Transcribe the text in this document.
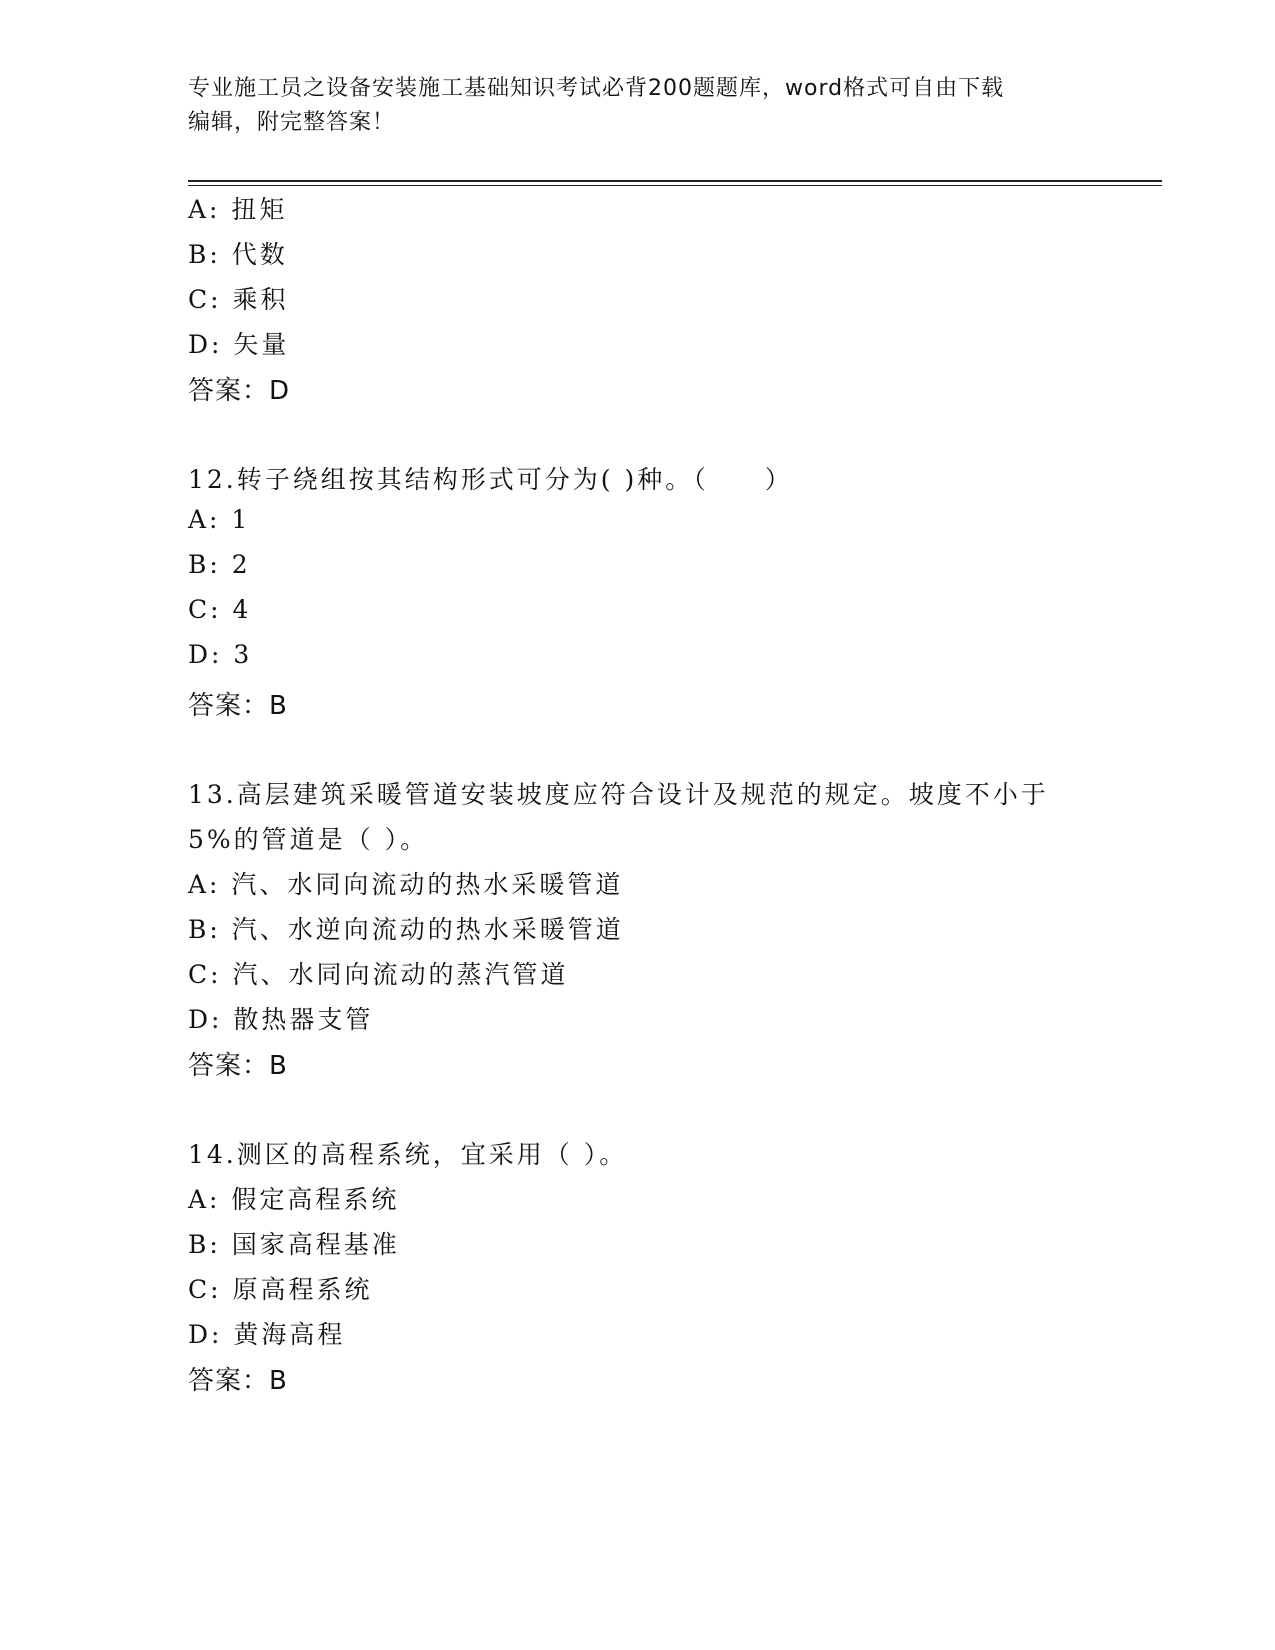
专业施工员之设备安装施工基础知识考试必背200题题库，word格式可自由下载
编辑，附完整答案！
A: 扭矩
B: 代数
C: 乘积
D: 矢量
答案：D
12.转子绕组按其结构形式可分为( )种。（　　）
A: 1
B: 2
C: 4
D: 3
答案：B
13.高层建筑采暖管道安装坡度应符合设计及规范的规定。坡度不小于
5%的管道是（ ）。
A: 汽、水同向流动的热水采暖管道
B: 汽、水逆向流动的热水采暖管道
C: 汽、水同向流动的蒸汽管道
D: 散热器支管
答案：B
14.测区的高程系统，宜采用（ ）。
A: 假定高程系统
B: 国家高程基准
C: 原高程系统
D: 黄海高程
答案：B
